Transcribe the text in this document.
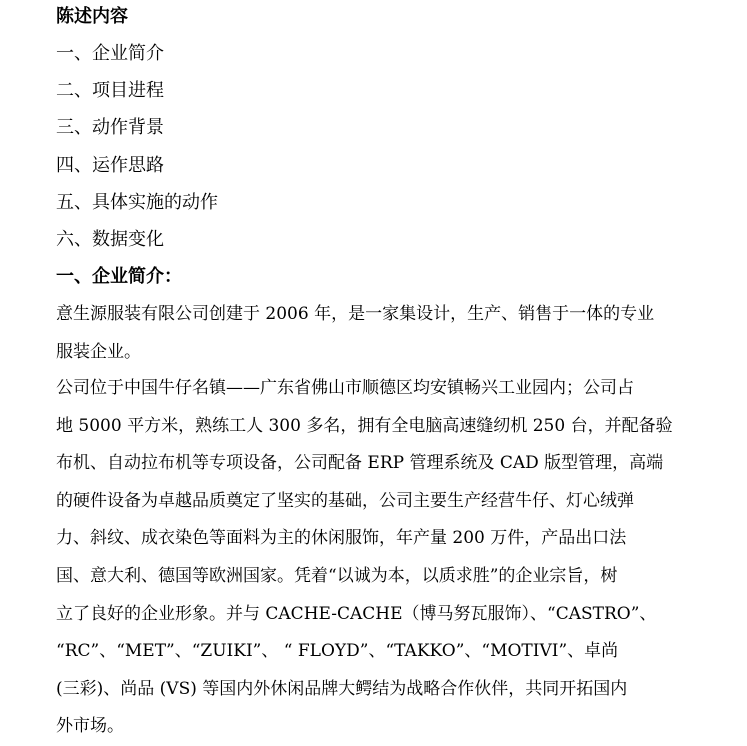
陈述内容
一、企业简介
二、项目进程
三、动作背景
四、运作思路
五、具体实施的动作
六、数据变化
一、企业简介：
意生源服装有限公司创建于 2006 年，是一家集设计，生产、销售于一体的专业
服装企业。
公司位于中国牛仔名镇——广东省佛山市顺德区均安镇畅兴工业园内；公司占
地 5000 平方米，熟练工人 300 多名，拥有全电脑高速缝纫机 250 台，并配备验
布机、自动拉布机等专项设备，公司配备 ERP 管理系统及 CAD 版型管理，高端
的硬件设备为卓越品质奠定了坚实的基础，公司主要生产经营牛仔、灯心绒弹
力、斜纹、成衣染色等面料为主的休闲服饰，年产量 200 万件，产品出口法
国、意大利、德国等欧洲国家。凭着“以诚为本，以质求胜”的企业宗旨，树
立了良好的企业形象。并与 CACHE-CACHE（博马努瓦服饰）、“CASTRO”、
“RC”、“MET”、“ZUIKI”、 “ FLOYD”、“TAKKO”、“MOTIVI”、卓尚
(三彩)、尚品 (VS) 等国内外休闲品牌大鳄结为战略合作伙伴，共同开拓国内
外市场。
